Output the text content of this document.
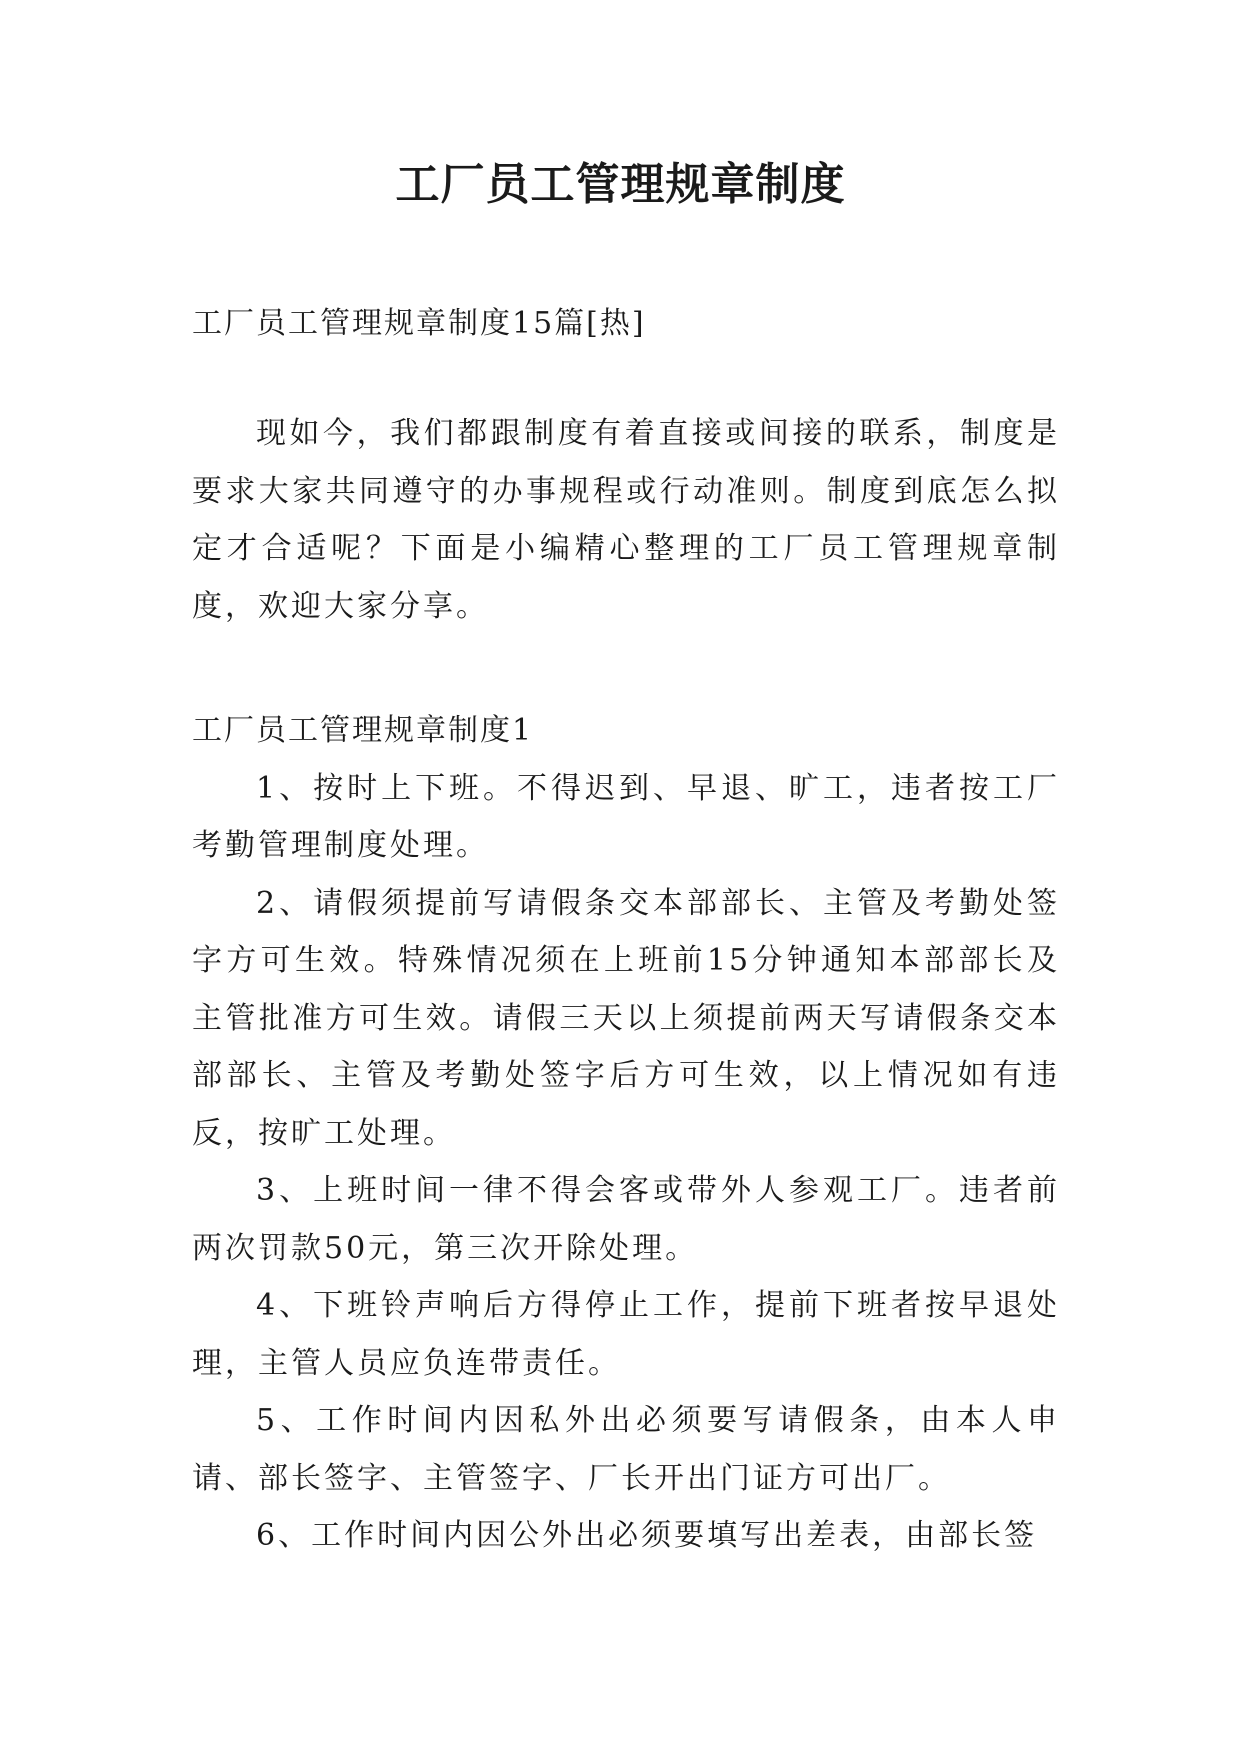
工厂员工管理规章制度
工厂员工管理规章制度15篇[热]

现如今，我们都跟制度有着直接或间接的联系，制度是要求大家共同遵守的办事规程或行动准则。制度到底怎么拟定才合适呢？下面是小编精心整理的工厂员工管理规章制度，欢迎大家分享。

工厂员工管理规章制度1

1、按时上下班。不得迟到、早退、旷工，违者按工厂考勤管理制度处理。

2、请假须提前写请假条交本部部长、主管及考勤处签字方可生效。特殊情况须在上班前15分钟通知本部部长及主管批准方可生效。请假三天以上须提前两天写请假条交本部部长、主管及考勤处签字后方可生效，以上情况如有违反，按旷工处理。

3、上班时间一律不得会客或带外人参观工厂。违者前两次罚款50元，第三次开除处理。

4、下班铃声响后方得停止工作，提前下班者按早退处理，主管人员应负连带责任。

5、工作时间内因私外出必须要写请假条，由本人申请、部长签字、主管签字、厂长开出门证方可出厂。

6、工作时间内因公外出必须要填写出差表，由部长签
